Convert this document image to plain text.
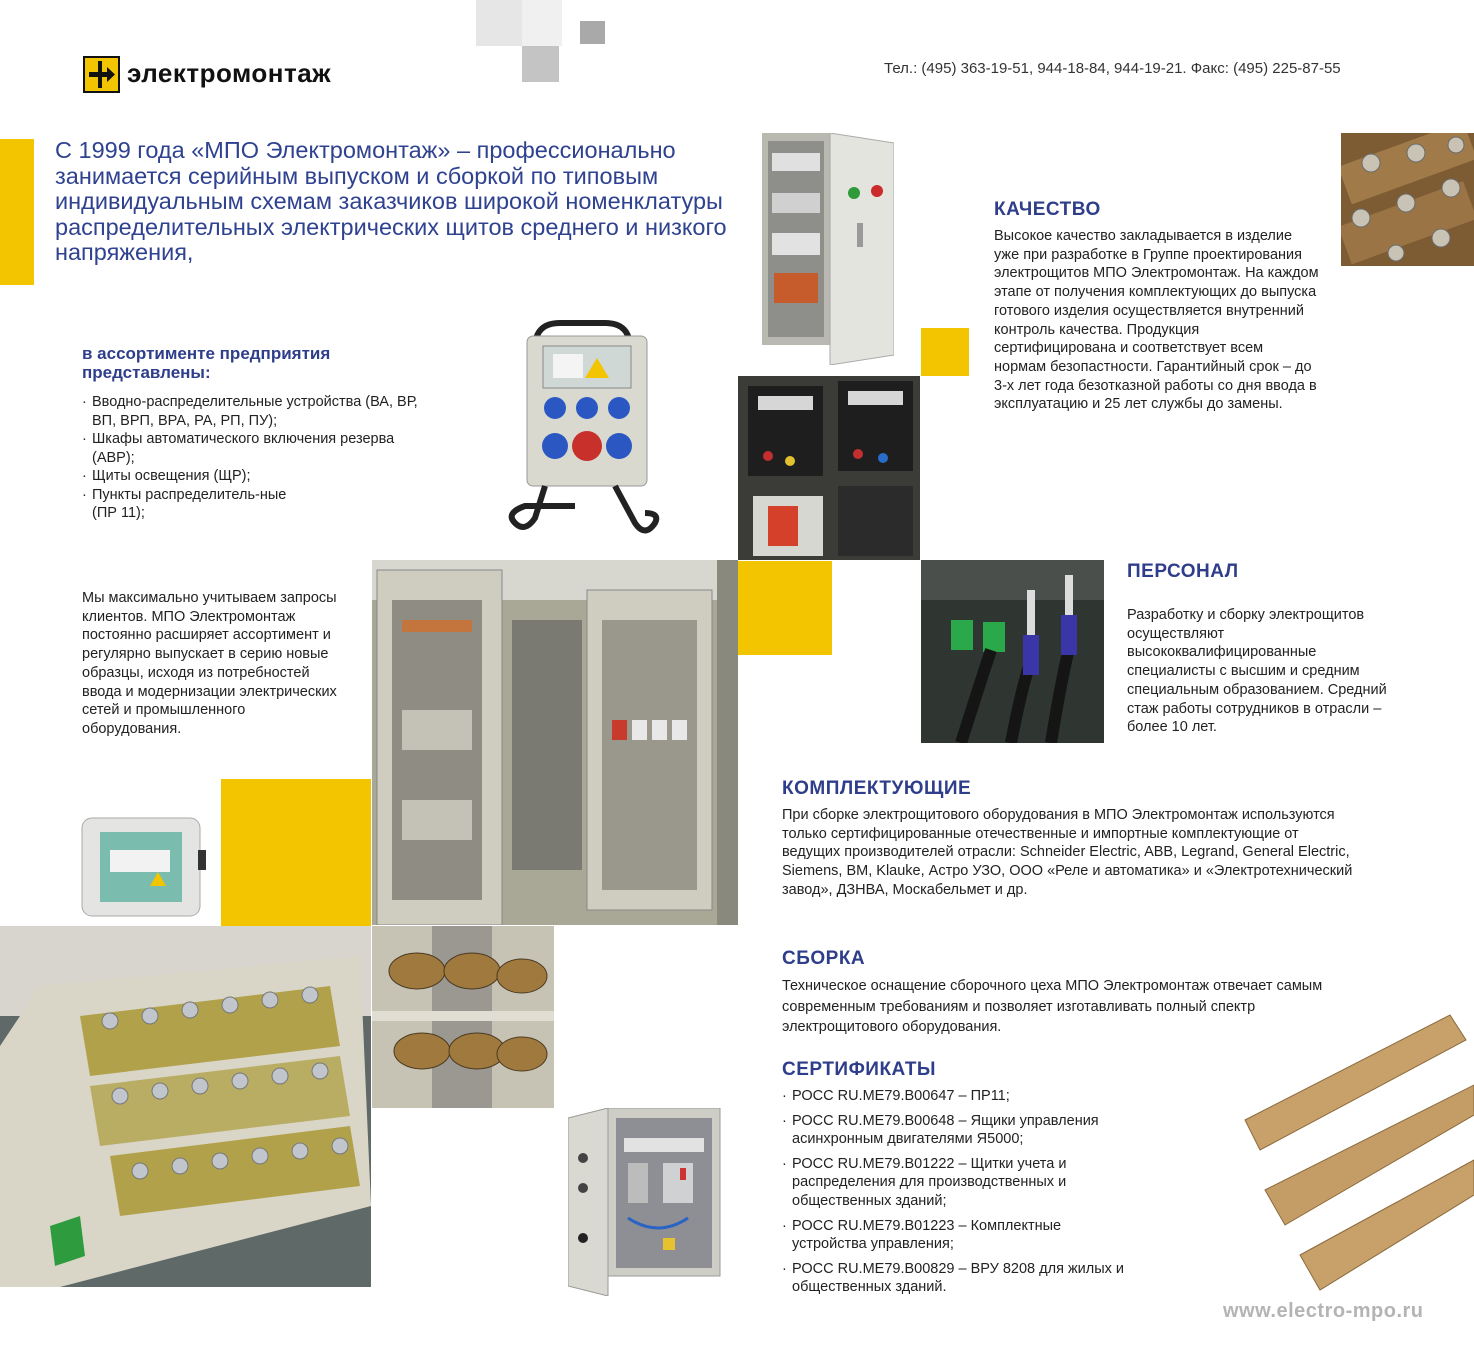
электромонтаж	Тел.: (495) 363-19-51, 944-18-84, 944-19-21. Факс: (495) 225-87-55
С 1999 года «МПО Электромонтаж» – профессионально занимается серийным выпуском и сборкой по типовым индивидуальным схемам заказчиков широкой номенклатуры распределительных электрических щитов среднего и низкого напряжения,
в ассортименте предприятия представлены:
· Вводно-распределительные устройства (ВА, ВР, ВП, ВРП, ВРА, РА, РП, ПУ);
· Шкафы автоматического включения резерва (АВР);
· Щиты освещения (ЩР);
· Пункты распределитель-ные (ПР 11);
Мы максимально учитываем запросы клиентов. МПО Электромонтаж постоянно расширяет ассортимент и регулярно выпускает в серию новые образцы, исходя из потребностей ввода и модернизации электрических сетей и промышленного оборудования.
КАЧЕСТВО
Высокое качество закладывается в изделие уже при разработке в Группе проектирования электрощитов МПО Электромонтаж. На каждом этапе от получения комплектующих до выпуска готового изделия осуществляется внутренний контроль качества. Продукция сертифицирована и соответствует всем нормам безопастности. Гарантийный срок – до 3-х лет года безотказной работы со дня ввода в эксплуатацию и 25 лет службы до замены.
ПЕРСОНАЛ
Разработку и сборку электрощитов осуществляют высококвалифицированные специалисты с высшим и средним специальным образованием. Средний стаж работы сотрудников в отрасли – более 10 лет.
КОМПЛЕКТУЮЩИЕ
При сборке электрощитового оборудования в МПО Электромонтаж используются только сертифицированные отечественные и импортные комплектующие от ведущих производителей отрасли: Schneider Electric, ABB, Legrand, General Electric, Siemens, BM, Klauke, Астро УЗО, ООО «Реле и автоматика» и «Электротехнический завод», ДЗНВА, Москабельмет и др.
СБОРКА
Техническое оснащение сборочного цеха МПО Электромонтаж отвечает самым современным требованиям и позволяет изготавливать полный спектр электрощитового оборудования.
СЕРТИФИКАТЫ
· РОСС RU.МЕ79.В00647 – ПР11;
· РОСС RU.МЕ79.В00648 – Ящики управления асинхронным двигателями Я5000;
· РОСС RU.МЕ79.В01222 – Щитки учета и распределения для производственных и общественных зданий;
· РОСС RU.МЕ79.В01223 – Комплектные устройства управления;
· РОСС RU.МЕ79.В00829 – ВРУ 8208 для жилых и общественных зданий.
www.electro-mpo.ru
